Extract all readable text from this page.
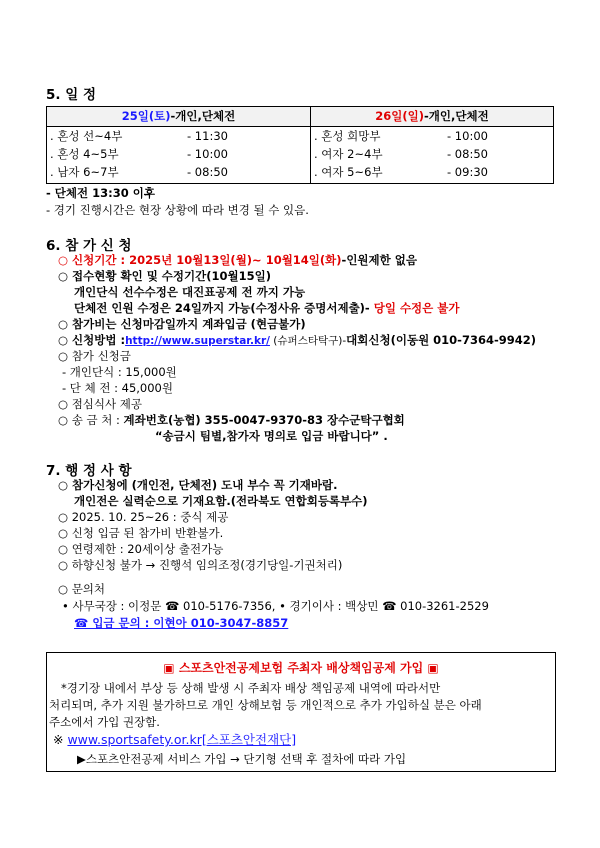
5. 일 정
25일(토)-개인,단체전	26일(일)-개인,단체전
. 혼성 선~4부	- 11:30
. 혼성 4~5부	- 10:00
. 남자 6~7부	- 08:50
. 혼성 희망부	- 10:00
. 여자 2~4부	- 08:50
. 여자 5~6부	- 09:30
- 단체전 13:30 이후
- 경기 진행시간은 현장 상황에 따라 변경 될 수 있음.
6. 참 가 신 청
○ 신청기간 : 2025년 10월13일(월)~ 10월14일(화)-인원제한 없음
○ 접수현황 확인 및 수정기간(10월15일)
개인단식 선수수정은 대진표공제 전 까지 가능
단체전 인원 수정은 24일까지 가능(수정사유 증명서제출)- 당일 수정은 불가
○ 참가비는 신청마감일까지 계좌입금 (현금불가)
○ 신청방법 :http://www.superstar.kr/ (슈퍼스타탁구)-대회신청(이동원 010-7364-9942)
○ 참가 신청금
- 개인단식 : 15,000원
- 단 체 전 : 45,000원
○ 점심식사 제공
○ 송 금 처 : 계좌번호(농협) 355-0047-9370-83 장수군탁구협회
“송금시 팀별,참가자 명의로 입금 바랍니다” .
7. 행 정 사 항
○ 참가신청에 (개인전, 단체전) 도내 부수 꼭 기재바람.
개인전은 실력순으로 기재요함.(전라북도 연합회등록부수)
○ 2025. 10. 25~26 : 중식 제공
○ 신청 입금 된 참가비 반환불가.
○ 연령제한 : 20세이상 출전가능
○ 하향신청 불가 → 진행석 임의조정(경기당일-기권처리)
○ 문의처
• 사무국장 : 이정문 ☎ 010-5176-7356, • 경기이사 : 백상민 ☎ 010-3261-2529
☎ 입금 문의 : 이현아 010-3047-8857
▣ 스포츠안전공제보험 주최자 배상책임공제 가입 ▣
*경기장 내에서 부상 등 상해 발생 시 주최자 배상 책임공제 내역에 따라서만
처리되며, 추가 지원 불가하므로 개인 상해보험 등 개인적으로 추가 가입하실 분은 아래
주소에서 가입 권장함.
※ www.sportsafety.or.kr[스포츠안전재단]
▶스포츠안전공제 서비스 가입 → 단기형 선택 후 절차에 따라 가입
